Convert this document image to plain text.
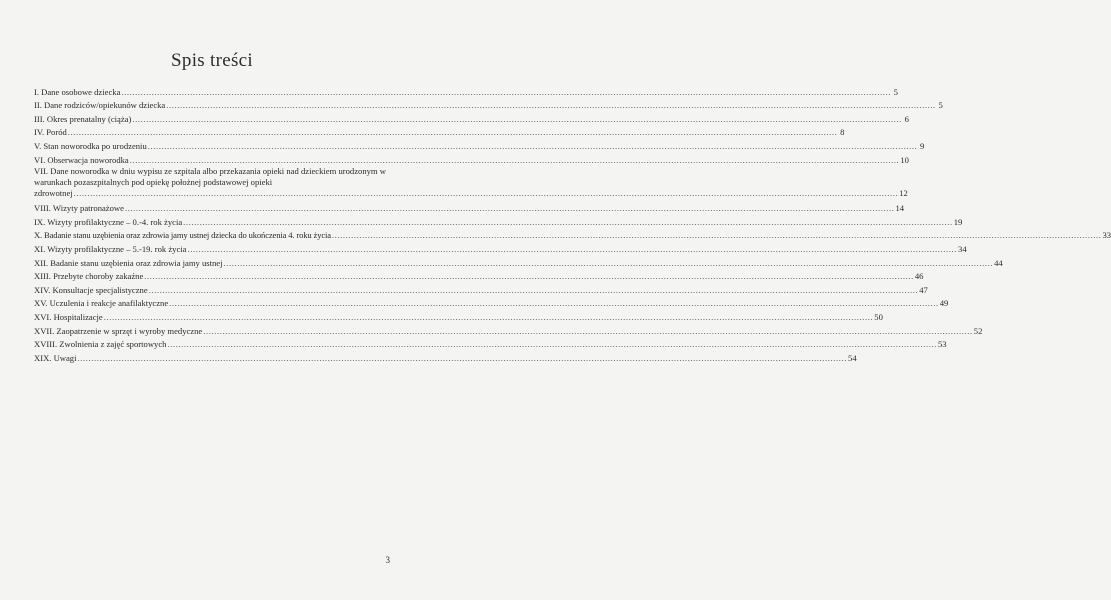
Spis treści
I. Dane osobowe dziecka .....	5
II. Dane rodziców/opiekunów dziecka .....	5
III. Okres prenatalny (ciąża) .....	6
IV. Poród .....	8
V. Stan noworodka po urodzeniu .....	9
VI. Obserwacja noworodka .....	10
VII. Dane noworodka w dniu wypisu ze szpitala albo przekazania opieki nad dzieckiem urodzonym w warunkach pozaszpitalnych pod opiekę położnej podstawowej opieki
zdrowotnej ............................................................................................................................................................................................................................................................................................................ 12
VIII. Wizyty patronażowe .....	14
IX. Wizyty profilaktyczne – 0.-4. rok życia .....	19
X. Badanie stanu uzębienia oraz zdrowia jamy ustnej dziecka do ukończenia 4. roku życia .....	33
XI. Wizyty profilaktyczne – 5.-19. rok życia .....	34
XII. Badanie stanu uzębienia oraz zdrowia jamy ustnej .....	44
XIII. Przebyte choroby zakaźne .....	46
XIV. Konsultacje specjalistyczne .....	47
XV. Uczulenia i reakcje anafilaktyczne .....	49
XVI. Hospitalizacje .....	50
XVII. Zaopatrzenie w sprzęt i wyroby medyczne .....	52
XVIII. Zwolnienia z zajęć sportowych .....	53
XIX. Uwagi .....	54
3
